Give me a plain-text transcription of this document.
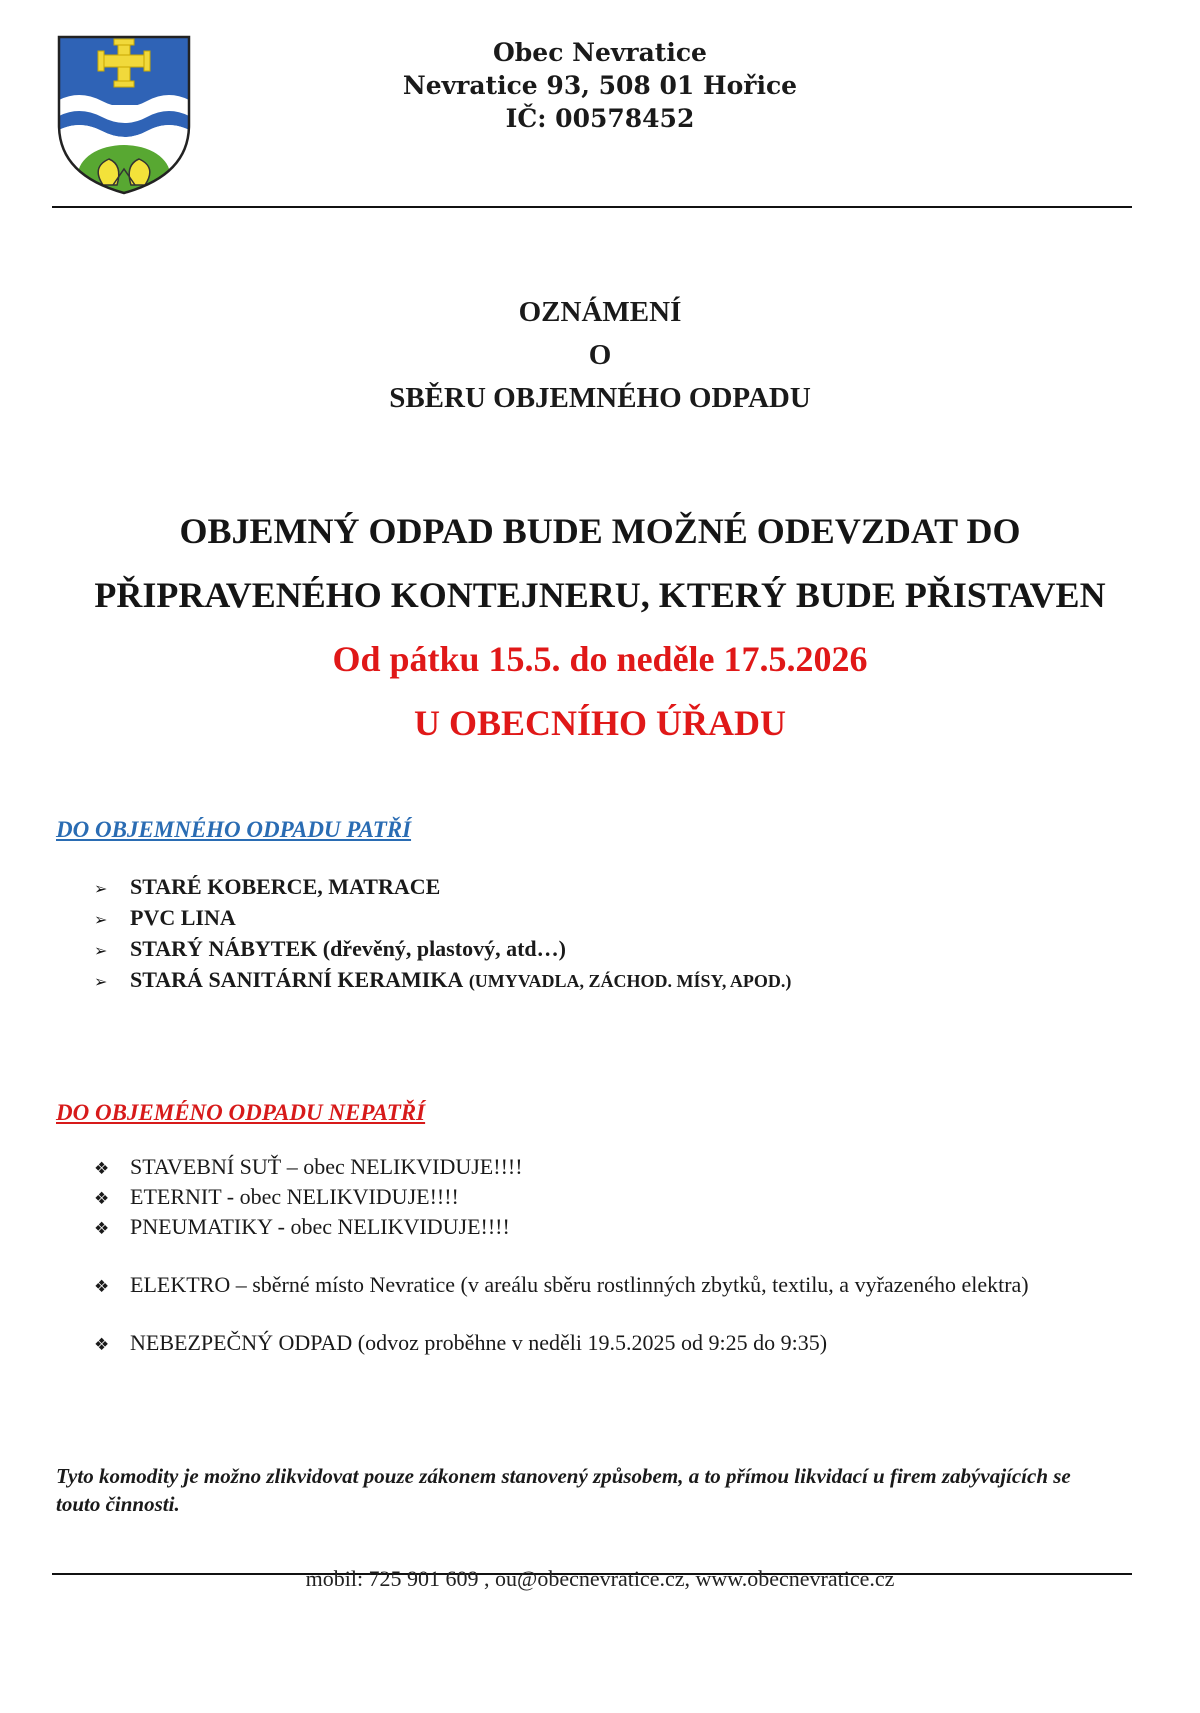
Obec Nevratice
Nevratice 93, 508 01 Hořice
IČ: 00578452
OZNÁMENÍ
O
SBĚRU OBJEMNÉHO ODPADU
OBJEMNÝ ODPAD BUDE MOŽNÉ ODEVZDAT DO
PŘIPRAVENÉHO KONTEJNERU, KTERÝ BUDE PŘISTAVEN
Od pátku 15.5. do neděle 17.5.2026
U OBECNÍHO ÚŘADU
DO OBJEMNÉHO ODPADU PATŘÍ
➢	STARÉ KOBERCE, MATRACE
➢	PVC LINA
➢	STARÝ NÁBYTEK (dřevěný, plastový, atd…)
➢	STARÁ SANITÁRNÍ KERAMIKA
(UMYVADLA, ZÁCHOD. MÍSY, APOD.)
DO OBJEMÉNO ODPADU NEPATŘÍ
❖ STAVEBNÍ SUŤ – obec NELIKVIDUJE!!!!
❖ ETERNIT - obec NELIKVIDUJE!!!!
❖ PNEUMATIKY - obec NELIKVIDUJE!!!!
❖ ELEKTRO – sběrné místo Nevratice (v areálu sběru rostlinných zbytků, textilu, a vyřazeného elektra)
❖ NEBEZPEČNÝ ODPAD (odvoz proběhne v neděli 19.5.2025 od 9:25 do 9:35)
Tyto komodity je možno zlikvidovat pouze zákonem stanovený způsobem, a to přímou likvidací u firem zabývajících se touto činnosti.
mobil: 725 901 609 , ou@obecnevratice.cz, www.obecnevratice.cz
